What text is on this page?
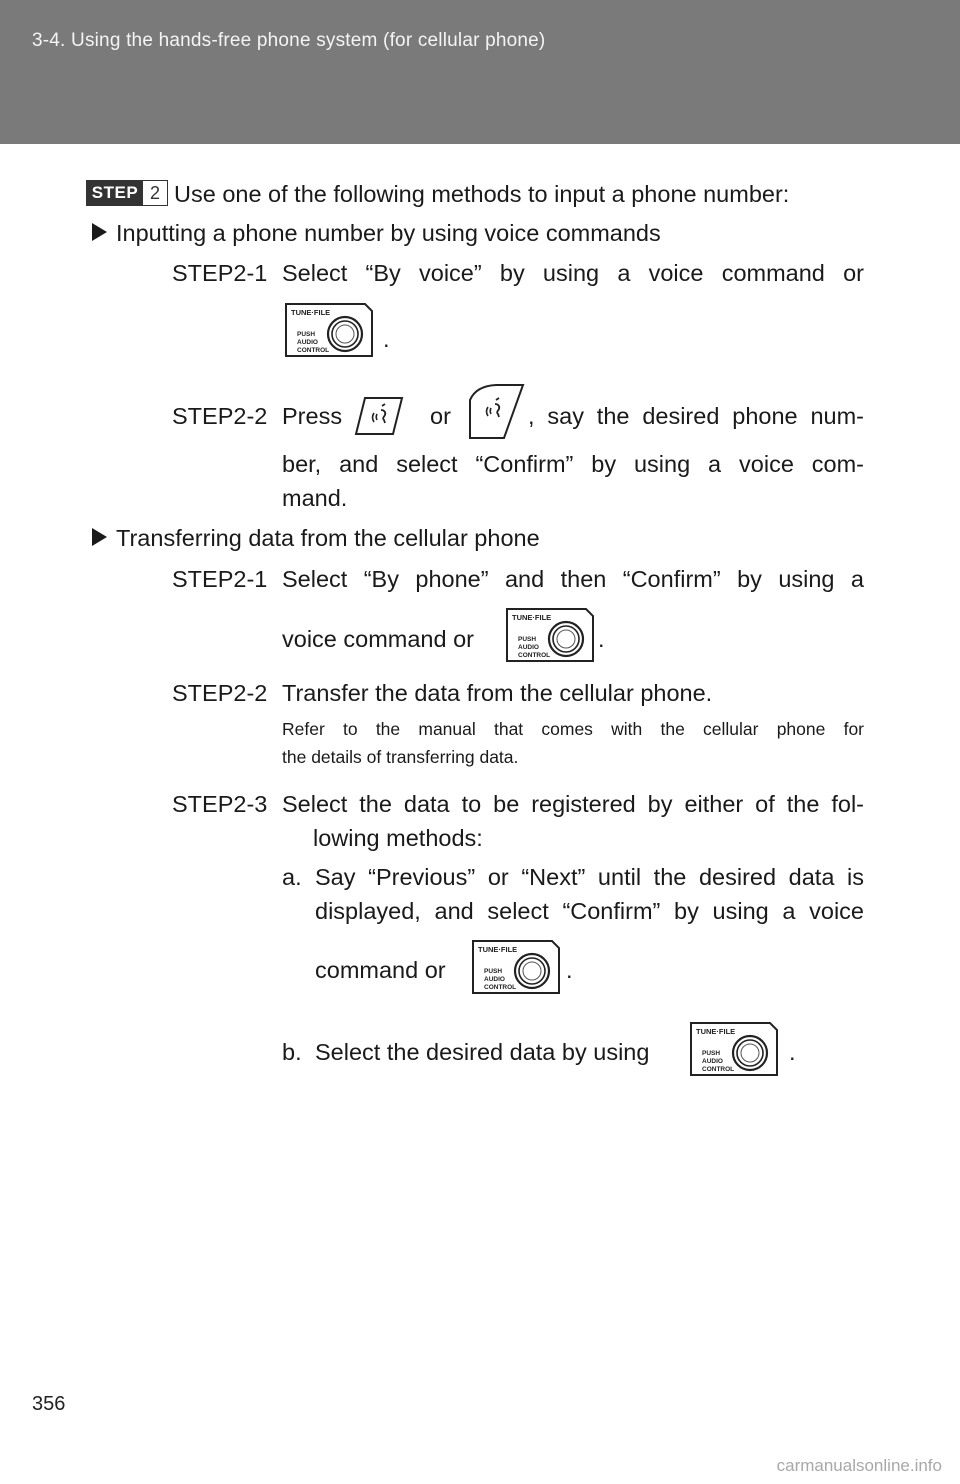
3-4. Using the hands-free phone system (for cellular phone)
STEP 2 Use one of the following methods to input a phone number:
Inputting a phone number by using voice commands
STEP2-1 Select “By voice” by using a voice command or
TUNE·FILE
PUSH
AUDIO
CONTROL .
STEP2-2 Press	or	, say the desired phone num-
ber, and select “Confirm” by using a voice com-
mand.
Transferring data from the cellular phone
STEP2-1 Select “By phone” and then “Confirm” by using a
voice command or
TUNE·FILE
PUSH
AUDIO
CONTROL
.
STEP2-2 Transfer the data from the cellular phone.
Refer to the manual that comes with the cellular phone for
the details of transferring data.
STEP2-3 Select the data to be registered by either of the fol-
lowing methods:
a. Say “Previous” or “Next” until the desired data is
displayed, and select “Confirm” by using a voice
command or
TUNE·FILE
PUSH
AUDIO
CONTROL
.
b. Select the desired data by using
TUNE·FILE
PUSH
AUDIO
CONTROL
.
356
carmanualsonline.info
